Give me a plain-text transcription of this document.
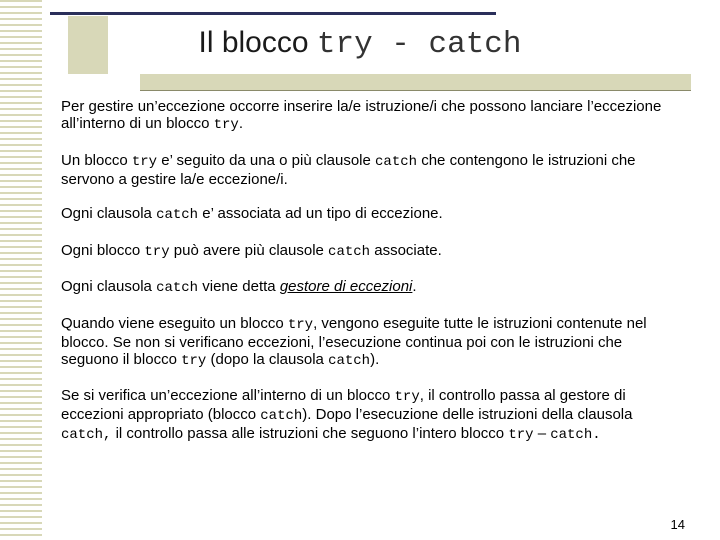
Il blocco try - catch

Per gestire un’eccezione occorre inserire la/e istruzione/i che possono lanciare l’eccezione all’interno di un blocco try.

Un blocco try e’ seguito da una o più clausole catch che contengono le istruzioni che servono a gestire la/e eccezione/i.

Ogni clausola catch e’ associata ad un tipo di eccezione.

Ogni blocco try può avere più clausole catch associate.

Ogni clausola catch viene detta gestore di eccezioni.

Quando viene eseguito un blocco try, vengono eseguite tutte le istruzioni contenute nel blocco. Se non si verificano eccezioni, l’esecuzione continua poi con le istruzioni che seguono il blocco try (dopo la clausola catch).

Se si verifica un’eccezione all’interno di un blocco try, il controllo passa al gestore di eccezioni appropriato (blocco catch). Dopo l’esecuzione delle istruzioni della clausola catch, il controllo passa alle istruzioni che seguono l’intero blocco try – catch.

14
